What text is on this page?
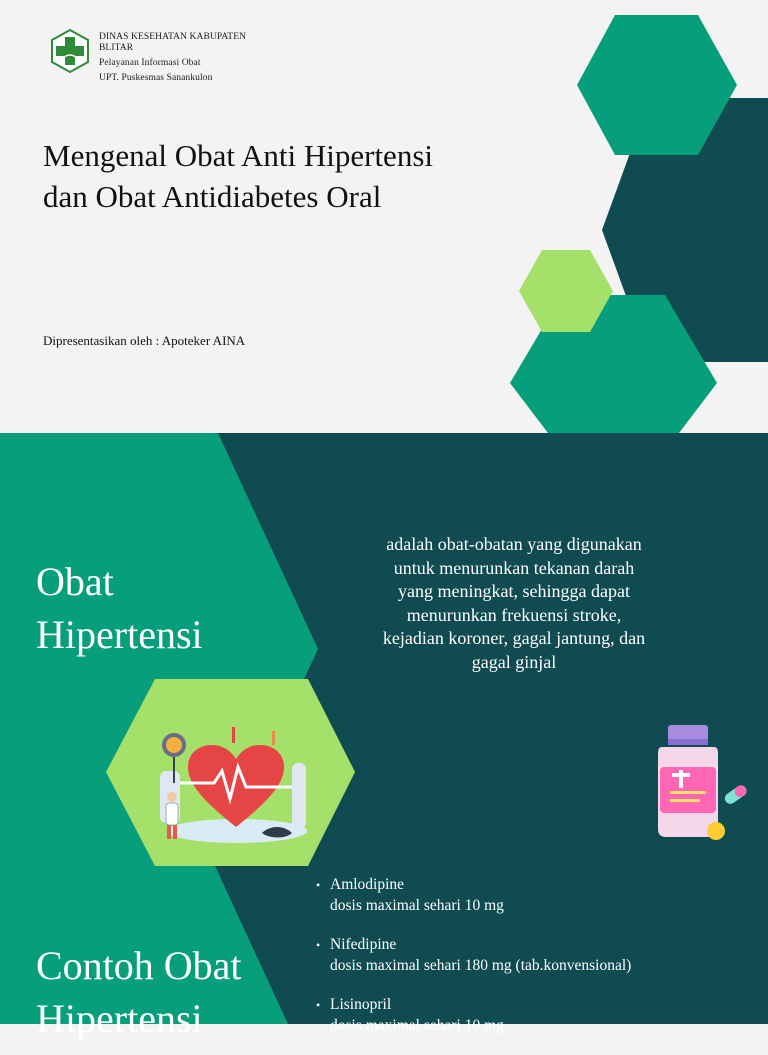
DINAS KESEHATAN KABUPATEN
BLITAR
Pelayanan Informasi Obat
UPT. Puskesmas Sanankulon
Mengenal Obat Anti Hipertensi
dan Obat Antidiabetes Oral
Dipresentasikan oleh : Apoteker AINA
Obat
Hipertensi
adalah obat-obatan yang digunakan
untuk menurunkan tekanan darah
yang meningkat, sehingga dapat
menurunkan frekuensi stroke,
kejadian koroner, gagal jantung, dan
gagal ginjal
Contoh Obat
Hipertensi
• Amlodipine
dosis maximal sehari 10 mg
• Nifedipine
dosis maximal sehari 180 mg (tab.konvensional)
• Lisinopril
dosis maximal sehari 10 mg
